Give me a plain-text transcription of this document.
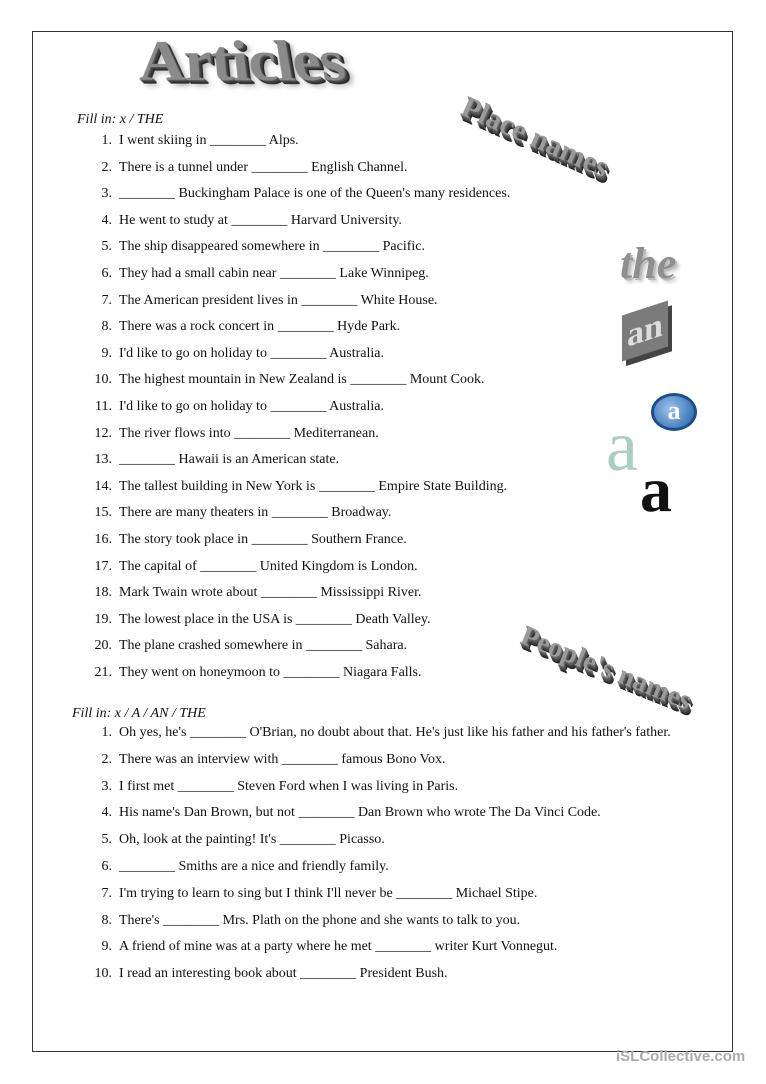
Articles
Place names
the
an
a
a
a
People's names
Fill in: x / THE
1. I went skiing in ________ Alps.
2. There is a tunnel under ________ English Channel.
3. ________ Buckingham Palace is one of the Queen's many residences.
4. He went to study at ________ Harvard University.
5. The ship disappeared somewhere in ________ Pacific.
6. They had a small cabin near ________ Lake Winnipeg.
7. The American president lives in ________ White House.
8. There was a rock concert in ________ Hyde Park.
9. I'd like to go on holiday to ________ Australia.
10. The highest mountain in New Zealand is ________ Mount Cook.
11. I'd like to go on holiday to ________ Australia.
12. The river flows into ________ Mediterranean.
13. ________ Hawaii is an American state.
14. The tallest building in New York is ________ Empire State Building.
15. There are many theaters in ________ Broadway.
16. The story took place in ________ Southern France.
17. The capital of ________ United Kingdom is London.
18. Mark Twain wrote about ________ Mississippi River.
19. The lowest place in the USA is ________ Death Valley.
20. The plane crashed somewhere in ________ Sahara.
21. They went on honeymoon to ________ Niagara Falls.
Fill in: x / A / AN / THE
1. Oh yes, he's ________ O'Brian, no doubt about that. He's just like his father and his father's father.
2. There was an interview with ________ famous Bono Vox.
3. I first met ________ Steven Ford when I was living in Paris.
4. His name's Dan Brown, but not ________ Dan Brown who wrote The Da Vinci Code.
5. Oh, look at the painting! It's ________ Picasso.
6. ________ Smiths are a nice and friendly family.
7. I'm trying to learn to sing but I think I'll never be ________ Michael Stipe.
8. There's ________ Mrs. Plath on the phone and she wants to talk to you.
9. A friend of mine was at a party where he met ________ writer Kurt Vonnegut.
10. I read an interesting book about ________ President Bush.
iSLCollective.com
